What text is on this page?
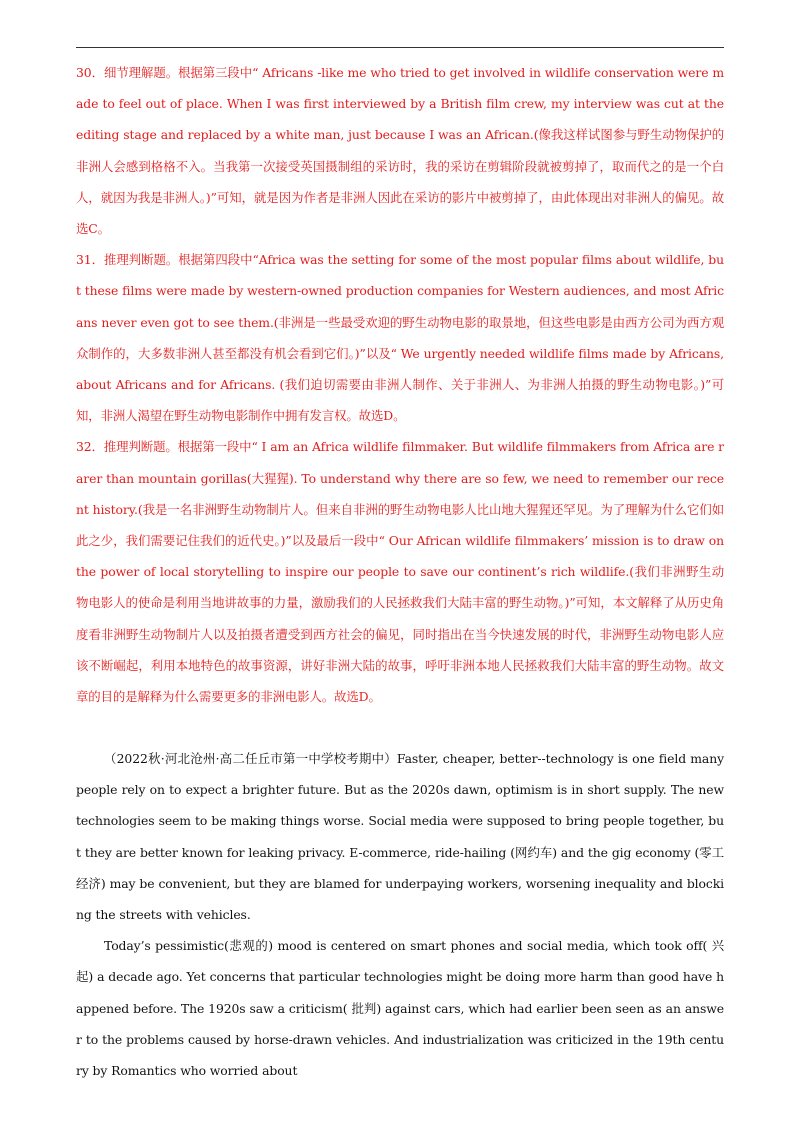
30．细节理解题。根据第三段中“ Africans -like me who tried to get involved in wildlife conservation were made to feel out of place. When I was first interviewed by a British film crew, my interview was cut at the editing stage and replaced by a white man, just because I was an African.(像我这样试图参与野生动物保护的非洲人会感到格格不入。当我第一次接受英国摄制组的采访时，我的采访在剪辑阶段就被剪掉了，取而代之的是一个白人，就因为我是非洲人。)”可知，就是因为作者是非洲人因此在采访的影片中被剪掉了，由此体现出对非洲人的偏见。故选C。

31．推理判断题。根据第四段中“Africa was the setting for some of the most popular films about wildlife, but these films were made by western-owned production companies for Western audiences, and most Africans never even got to see them.(非洲是一些最受欢迎的野生动物电影的取景地，但这些电影是由西方公司为西方观众制作的，大多数非洲人甚至都没有机会看到它们。)”以及“ We urgently needed wildlife films made by Africans, about Africans and for Africans. (我们迫切需要由非洲人制作、关于非洲人、为非洲人拍摄的野生动物电影。)”可知，非洲人渴望在野生动物电影制作中拥有发言权。故选D。

32．推理判断题。根据第一段中“ I am an Africa wildlife filmmaker. But wildlife filmmakers from Africa are rarer than mountain gorillas(大猩猩). To understand why there are so few, we need to remember our recent history.(我是一名非洲野生动物制片人。但来自非洲的野生动物电影人比山地大猩猩还罕见。为了理解为什么它们如此之少，我们需要记住我们的近代史。)”以及最后一段中“ Our African wildlife filmmakers’ mission is to draw on the power of local storytelling to inspire our people to save our continent’s rich wildlife.(我们非洲野生动物电影人的使命是利用当地讲故事的力量，激励我们的人民拯救我们大陆丰富的野生动物。)”可知，本文解释了从历史角度看非洲野生动物制片人以及拍摄者遭受到西方社会的偏见，同时指出在当今快速发展的时代，非洲野生动物电影人应该不断崛起，利用本地特色的故事资源，讲好非洲大陆的故事，呼吁非洲本地人民拯救我们大陆丰富的野生动物。故文章的目的是解释为什么需要更多的非洲电影人。故选D。

（2022秋·河北沧州·高二任丘市第一中学校考期中）Faster, cheaper, better--technology is one field many people rely on to expect a brighter future. But as the 2020s dawn, optimism is in short supply. The new technologies seem to be making things worse. Social media were supposed to bring people together, but they are better known for leaking privacy. E-commerce, ride-hailing (网约车) and the gig economy (零工经济) may be convenient, but they are blamed for underpaying workers, worsening inequality and blocking the streets with vehicles.

Today’s pessimistic(悲观的) mood is centered on smart phones and social media, which took off( 兴起) a decade ago. Yet concerns that particular technologies might be doing more harm than good have happened before. The 1920s saw a criticism( 批判) against cars, which had earlier been seen as an answer to the problems caused by horse-drawn vehicles. And industrialization was criticized in the 19th century by Romantics who worried about
